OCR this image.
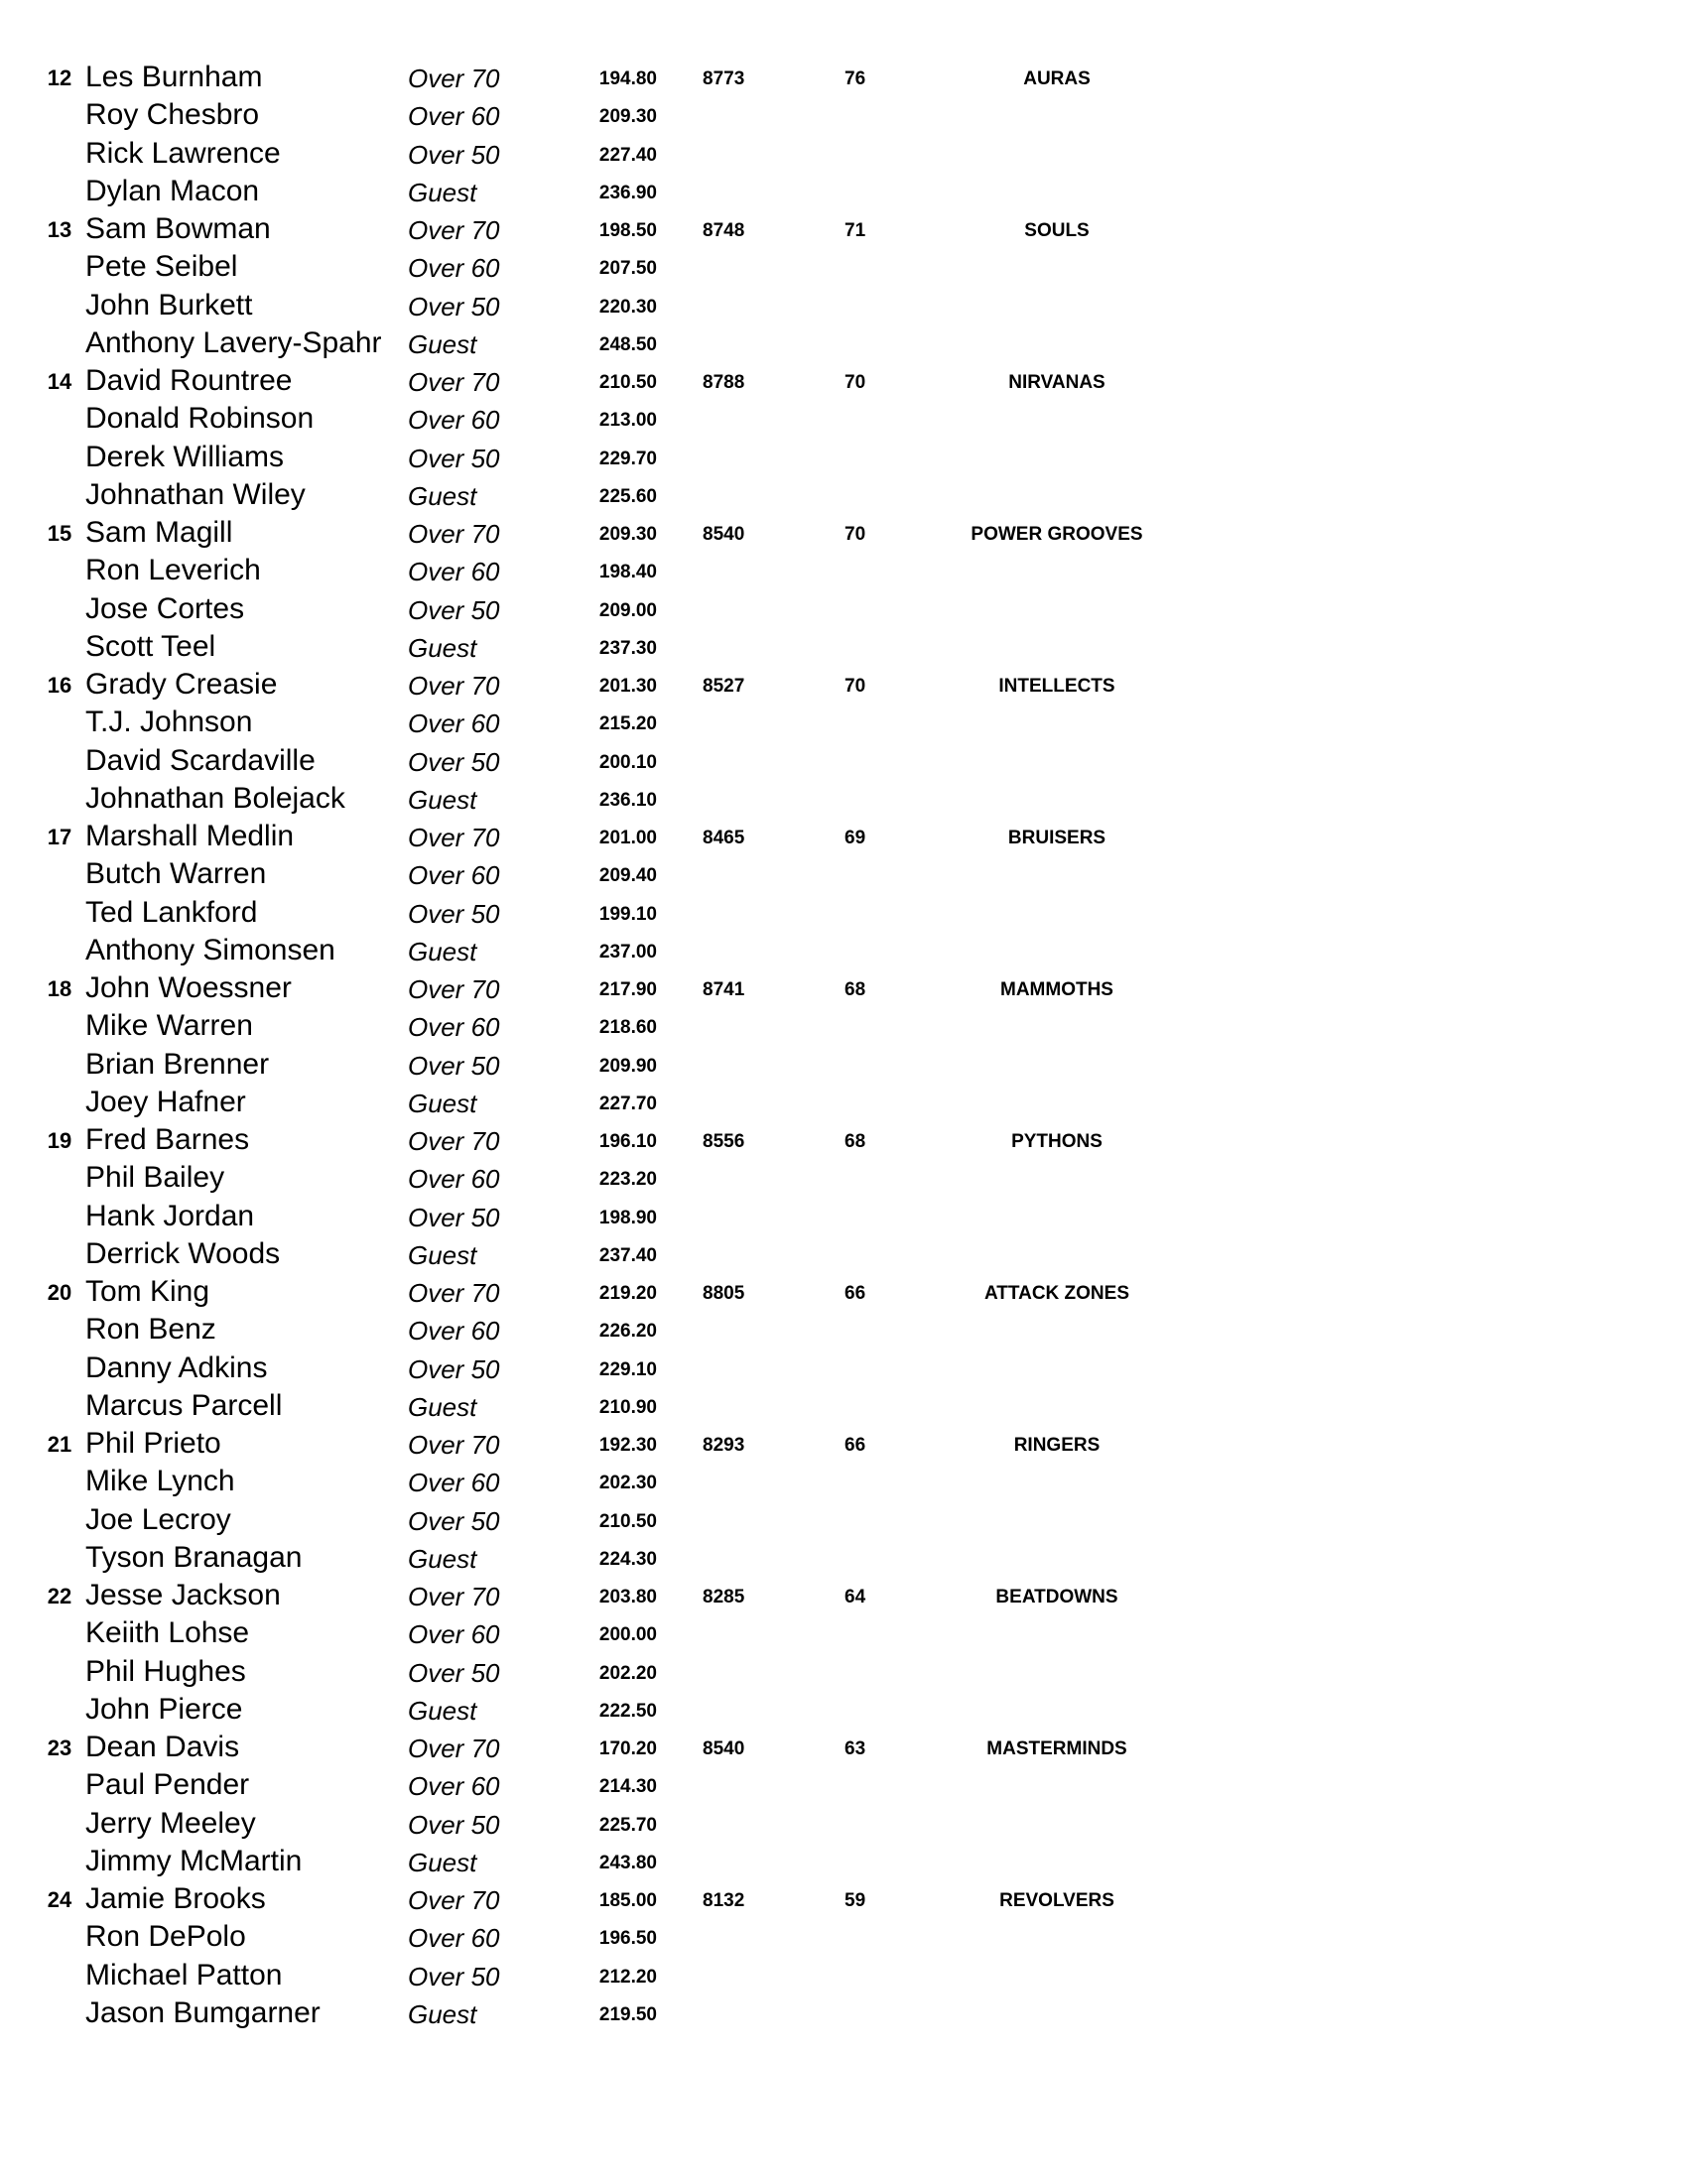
12 Les Burnham	Over 70	194.80 8773	76	AURAS
Roy Chesbro	Over 60	209.30
Rick Lawrence	Over 50	227.40
Dylan Macon	Guest	236.90
13 Sam Bowman	Over 70	198.50 8748	71	SOULS
Pete Seibel	Over 60	207.50
John Burkett	Over 50	220.30
Anthony Lavery-Spahr Guest	248.50
14 David Rountree	Over 70	210.50 8788	70	NIRVANAS
Donald Robinson	Over 60	213.00
Derek Williams	Over 50	229.70
Johnathan Wiley	Guest	225.60
15 Sam Magill	Over 70	209.30 8540	70	POWER GROOVES
Ron Leverich	Over 60	198.40
Jose Cortes	Over 50	209.00
Scott Teel	Guest	237.30
16 Grady Creasie	Over 70	201.30 8527	70	INTELLECTS
T.J. Johnson	Over 60	215.20
David Scardaville	Over 50	200.10
Johnathan Bolejack Guest	236.10
17 Marshall Medlin	Over 70	201.00 8465	69	BRUISERS
Butch Warren	Over 60	209.40
Ted Lankford	Over 50	199.10
Anthony Simonsen	Guest	237.00
18 John Woessner	Over 70	217.90 8741	68	MAMMOTHS
Mike Warren	Over 60	218.60
Brian Brenner	Over 50	209.90
Joey Hafner	Guest	227.70
19 Fred Barnes	Over 70	196.10 8556	68	PYTHONS
Phil Bailey	Over 60	223.20
Hank Jordan	Over 50	198.90
Derrick Woods	Guest	237.40
20 Tom King	Over 70	219.20 8805	66	ATTACK ZONES
Ron Benz	Over 60	226.20
Danny Adkins	Over 50	229.10
Marcus Parcell	Guest	210.90
21 Phil Prieto	Over 70	192.30 8293	66	RINGERS
Mike Lynch	Over 60	202.30
Joe Lecroy	Over 50	210.50
Tyson Branagan	Guest	224.30
22 Jesse Jackson	Over 70	203.80 8285	64	BEATDOWNS
Keiith Lohse	Over 60	200.00
Phil Hughes	Over 50	202.20
John Pierce	Guest	222.50
23 Dean Davis	Over 70	170.20 8540	63	MASTERMINDS
Paul Pender	Over 60	214.30
Jerry Meeley	Over 50	225.70
Jimmy McMartin	Guest	243.80
24 Jamie Brooks	Over 70	185.00 8132	59	REVOLVERS
Ron DePolo	Over 60	196.50
Michael Patton	Over 50	212.20
Jason Bumgarner	Guest	219.50
